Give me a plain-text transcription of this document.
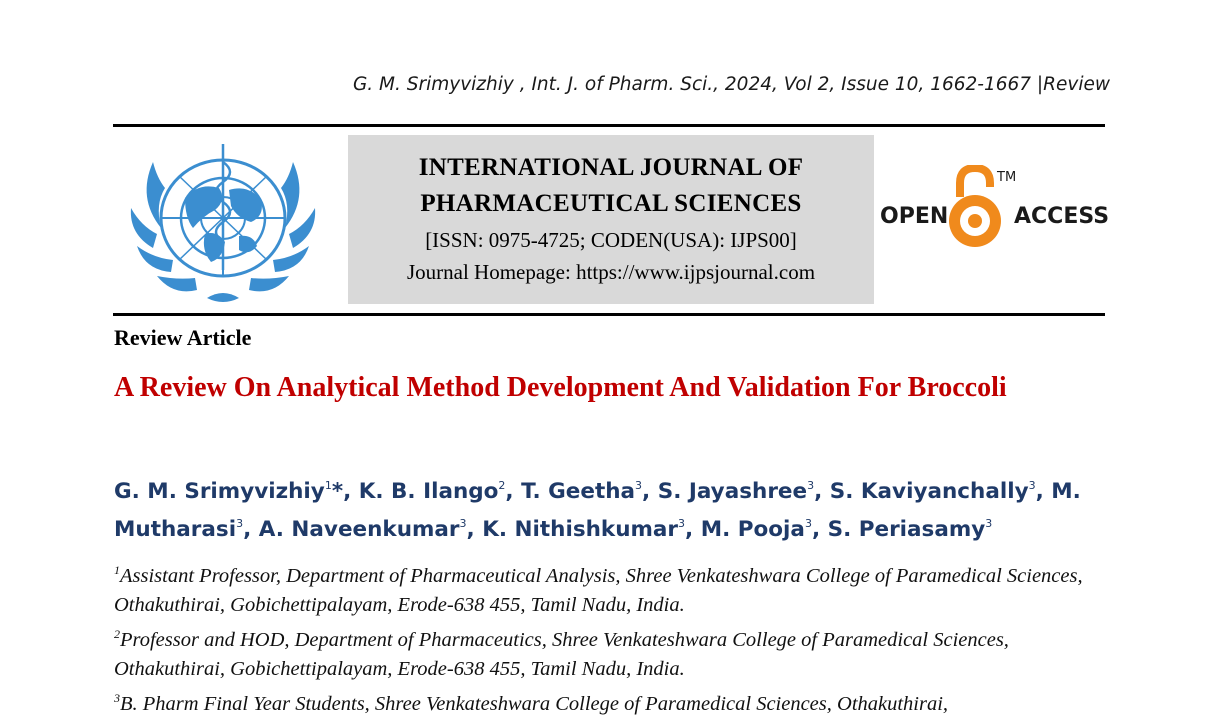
G. M. Srimyvizhiy , Int. J. of Pharm. Sci., 2024, Vol 2, Issue 10, 1662-1667 |Review
INTERNATIONAL JOURNAL OF
PHARMACEUTICAL SCIENCES
[ISSN: 0975-4725; CODEN(USA): IJPS00]
Journal Homepage: https://www.ijpsjournal.com
OPEN	ACCESS
TM
Review Article
A Review On Analytical Method Development And Validation For Broccoli
G. M. Srimyvizhiy$^1$*, K. B. Ilango$^2$, T. Geetha$^3$, S. Jayashree$^3$, S. Kaviyanchally$^3$, M. Mutharasi$^3$, A. Naveenkumar$^3$, K. Nithishkumar$^3$, M. Pooja$^3$, S. Periasamy$^3$
$^1$Assistant Professor, Department of Pharmaceutical Analysis, Shree Venkateshwara College of Paramedical Sciences, Othakuthirai, Gobichettipalayam, Erode-638 455, Tamil Nadu, India.
$^2$Professor and HOD, Department of Pharmaceutics, Shree Venkateshwara College of Paramedical Sciences, Othakuthirai, Gobichettipalayam, Erode-638 455, Tamil Nadu, India.
$^3$B. Pharm Final Year Students, Shree Venkateshwara College of Paramedical Sciences, Othakuthirai,
